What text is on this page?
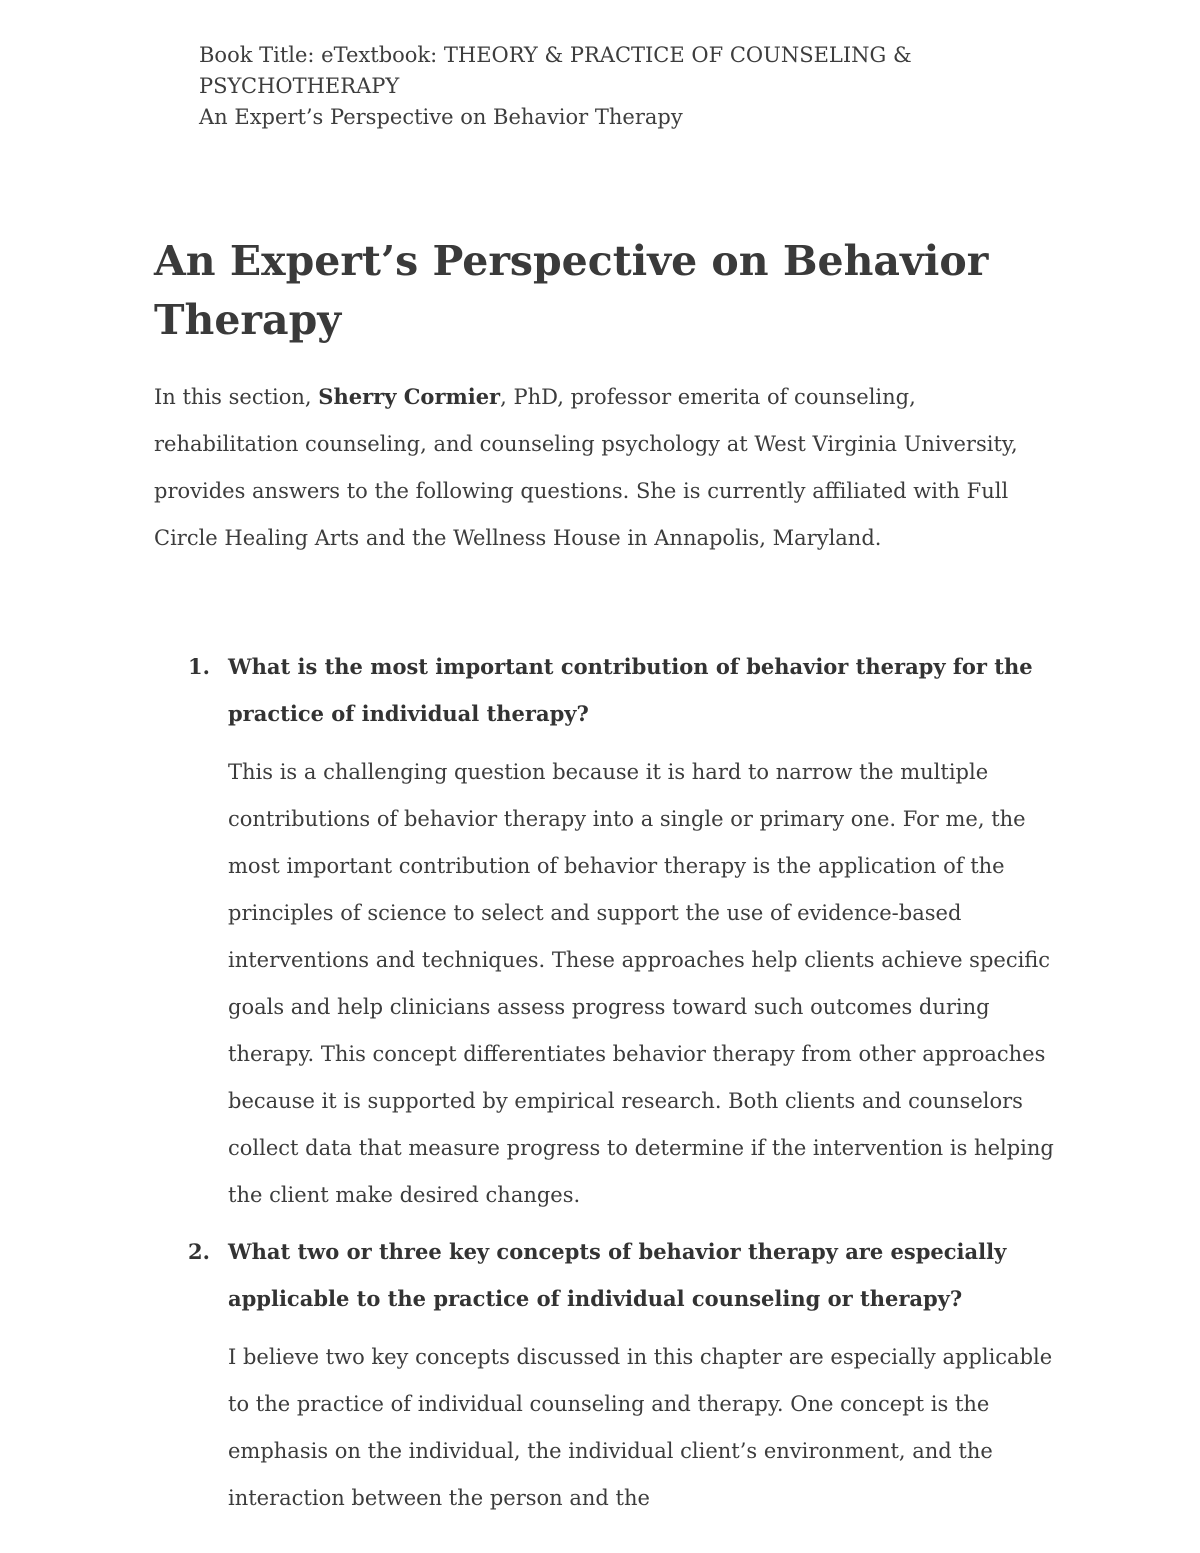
Book Title: eTextbook: THEORY & PRACTICE OF COUNSELING & PSYCHOTHERAPY
An Expert’s Perspective on Behavior Therapy
An Expert’s Perspective on Behavior Therapy

In this section, Sherry Cormier, PhD, professor emerita of counseling, rehabilitation counseling, and counseling psychology at West Virginia University, provides answers to the following questions. She is currently affiliated with Full Circle Healing Arts and the Wellness House in Annapolis, Maryland.

1. What is the most important contribution of behavior therapy for the practice of individual therapy?

This is a challenging question because it is hard to narrow the multiple contributions of behavior therapy into a single or primary one. For me, the most important contribution of behavior therapy is the application of the principles of science to select and support the use of evidence-based interventions and techniques. These approaches help clients achieve specific goals and help clinicians assess progress toward such outcomes during therapy. This concept differentiates behavior therapy from other approaches because it is supported by empirical research. Both clients and counselors collect data that measure progress to determine if the intervention is helping the client make desired changes.

2. What two or three key concepts of behavior therapy are especially applicable to the practice of individual counseling or therapy?

I believe two key concepts discussed in this chapter are especially applicable to the practice of individual counseling and therapy. One concept is the emphasis on the individual, the individual client’s environment, and the interaction between the person and the
